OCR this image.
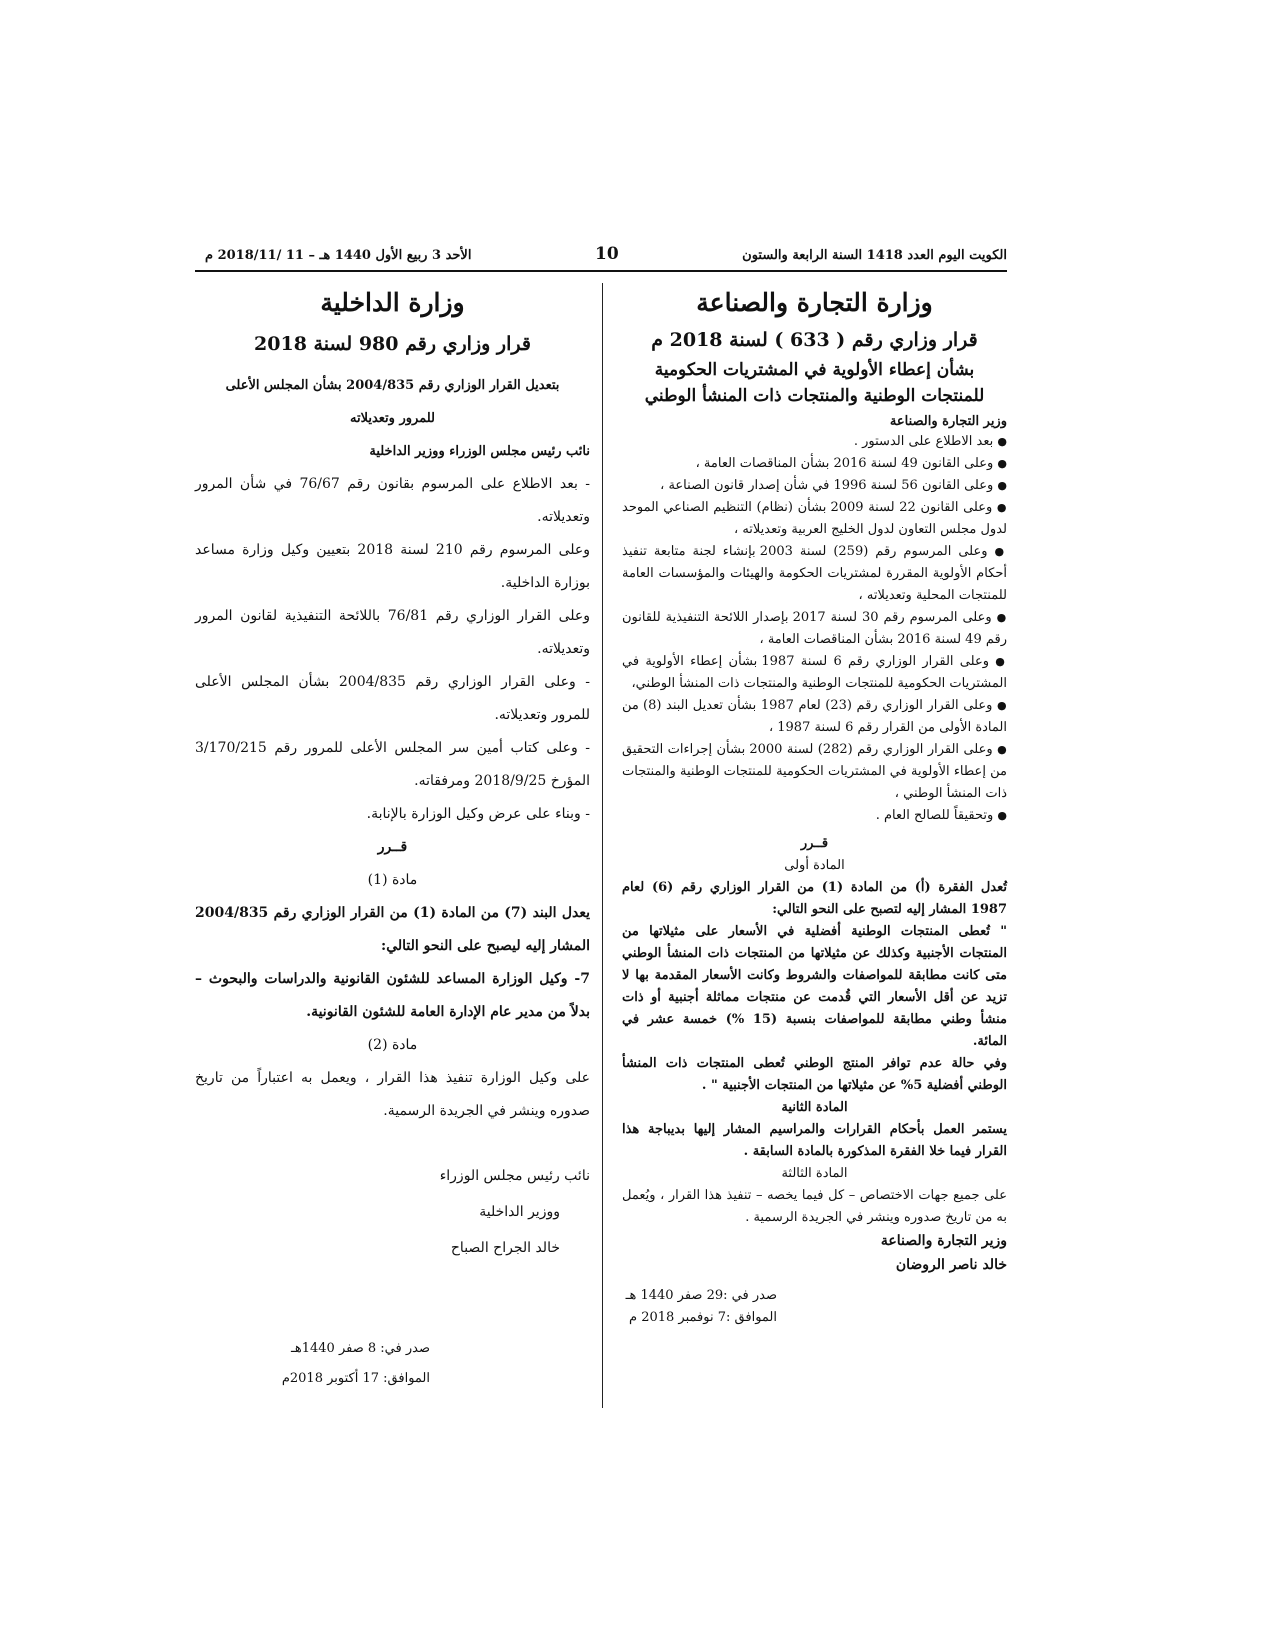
الكويت اليوم العدد 1418 السنة الرابعة والستون
10
الأحد 3 ربيع الأول 1440 هـ – 11 /2018/11 م
وزارة التجارة والصناعة
قرار وزاري رقم ( 633 ) لسنة 2018 م
بشأن إعطاء الأولوية في المشتريات الحكومية
للمنتجات الوطنية والمنتجات ذات المنشأ الوطني
وزير التجارة والصناعة

● بعد الاطلاع على الدستور .

● وعلى القانون 49 لسنة 2016 بشأن المناقصات العامة ،

● وعلى القانون 56 لسنة 1996 في شأن إصدار قانون الصناعة ،

● وعلى القانون 22 لسنة 2009 بشأن (نظام) التنظيم الصناعي الموحد لدول مجلس التعاون لدول الخليج العربية وتعديلاته ،

● وعلى المرسوم رقم (259) لسنة 2003 بإنشاء لجنة متابعة تنفيذ أحكام الأولوية المقررة لمشتريات الحكومة والهيئات والمؤسسات العامة للمنتجات المحلية وتعديلاته ،

● وعلى المرسوم رقم 30 لسنة 2017 بإصدار اللائحة التنفيذية للقانون رقم 49 لسنة 2016 بشأن المناقصات العامة ،

● وعلى القرار الوزاري رقم 6 لسنة 1987 بشأن إعطاء الأولوية في المشتريات الحكومية للمنتجات الوطنية والمنتجات ذات المنشأ الوطني،

● وعلى القرار الوزاري رقم (23) لعام 1987 بشأن تعديل البند (8) من المادة الأولى من القرار رقم 6 لسنة 1987 ،

● وعلى القرار الوزاري رقم (282) لسنة 2000 بشأن إجراءات التحقيق من إعطاء الأولوية في المشتريات الحكومية للمنتجات الوطنية والمنتجات ذات المنشأ الوطني ،

● وتحقيقاً للصالح العام .

قــرر

المادة أولى

تُعدل الفقرة (أ) من المادة (1) من القرار الوزاري رقم (6) لعام 1987 المشار إليه لتصبح على النحو التالي:

" تُعطى المنتجات الوطنية أفضلية في الأسعار على مثيلاتها من المنتجات الأجنبية وكذلك عن مثيلاتها من المنتجات ذات المنشأ الوطني متى كانت مطابقة للمواصفات والشروط وكانت الأسعار المقدمة بها لا تزيد عن أقل الأسعار التي قُدمت عن منتجات مماثلة أجنبية أو ذات منشأ وطني مطابقة للمواصفات بنسبة (15 %) خمسة عشر في المائة.

وفي حالة عدم توافر المنتج الوطني تُعطى المنتجات ذات المنشأ الوطني أفضلية 5% عن مثيلاتها من المنتجات الأجنبية " .

المادة الثانية

يستمر العمل بأحكام القرارات والمراسيم المشار إليها بديباجة هذا القرار فيما خلا الفقرة المذكورة بالمادة السابقة .

المادة الثالثة

على جميع جهات الاختصاص – كل فيما يخصه – تنفيذ هذا القرار ، ويُعمل به من تاريخ صدوره وينشر في الجريدة الرسمية .

وزير التجارة والصناعة

خالد ناصر الروضان

صدر في :29 صفر 1440 هـ

الموافق :7 نوفمبر 2018 م

وزارة الداخلية
قرار وزاري رقم 980 لسنة 2018

بتعديل القرار الوزاري رقم 2004/835 بشأن المجلس الأعلى

للمرور وتعديلاته

نائب رئيس مجلس الوزراء ووزير الداخلية

- بعد الاطلاع على المرسوم بقانون رقم 76/67 في شأن المرور وتعديلاته.

وعلى المرسوم رقم 210 لسنة 2018 بتعيين وكيل وزارة مساعد بوزارة الداخلية.

وعلى القرار الوزاري رقم 76/81 باللائحة التنفيذية لقانون المرور وتعديلاته.

- وعلى القرار الوزاري رقم 2004/835 بشأن المجلس الأعلى للمرور وتعديلاته.

- وعلى كتاب أمين سر المجلس الأعلى للمرور رقم 3/170/215 المؤرخ 2018/9/25 ومرفقاته.

- وبناء على عرض وكيل الوزارة بالإنابة.

قــرر

مادة (1)

يعدل البند (7) من المادة (1) من القرار الوزاري رقم 2004/835 المشار إليه ليصبح على النحو التالي:

7- وكيل الوزارة المساعد للشئون القانونية والدراسات والبحوث – بدلاً من مدير عام الإدارة العامة للشئون القانونية.

مادة (2)

على وكيل الوزارة تنفيذ هذا القرار ، ويعمل به اعتباراً من تاريخ صدوره وينشر في الجريدة الرسمية.

نائب رئيس مجلس الوزراء

ووزير الداخلية

خالد الجراح الصباح

صدر في: 8 صفر 1440هـ

الموافق: 17 أكتوبر 2018م
